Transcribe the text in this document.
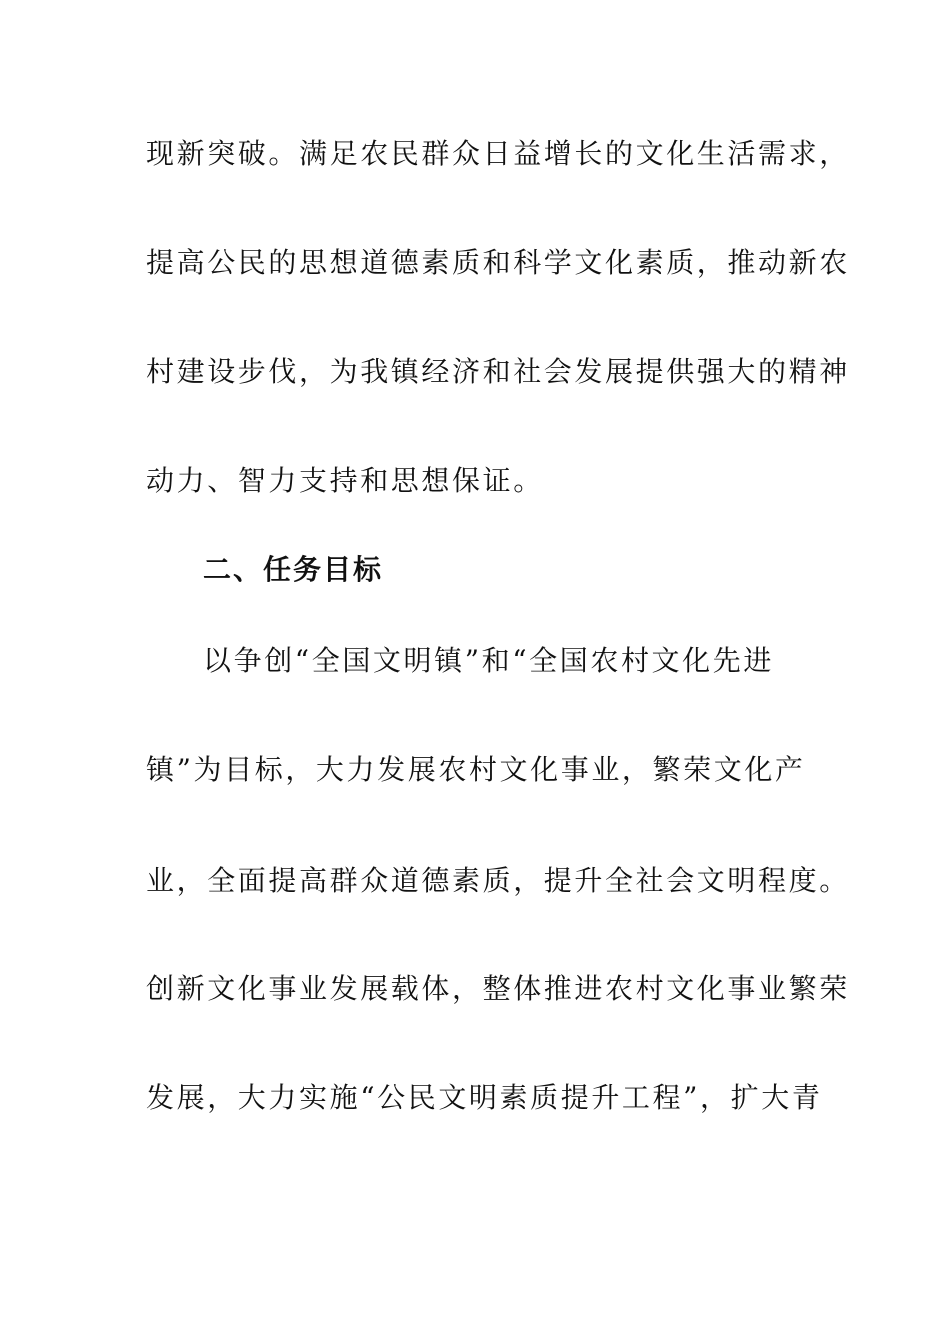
现新突破。满足农民群众日益增长的文化生活需求，
提高公民的思想道德素质和科学文化素质，推动新农
村建设步伐，为我镇经济和社会发展提供强大的精神
动力、智力支持和思想保证。
二、任务目标
以争创“全国文明镇”和“全国农村文化先进
镇”为目标，大力发展农村文化事业，繁荣文化产
业，全面提高群众道德素质，提升全社会文明程度。
创新文化事业发展载体，整体推进农村文化事业繁荣
发展，大力实施“公民文明素质提升工程”，扩大青
